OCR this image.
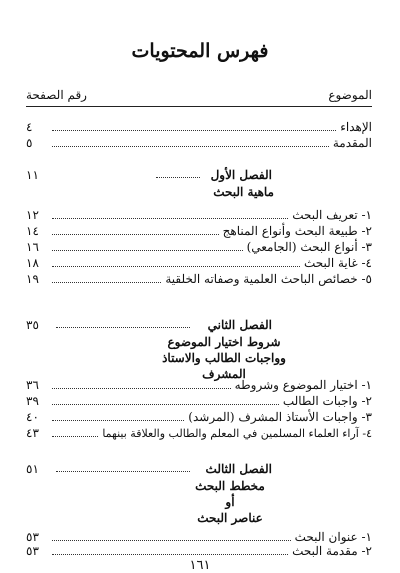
فهرس المحتويات
الموضوع
رقم الصفحة
الإهداء
٤
المقدمة
٥
الفصل الأول
١١
ماهية البحث
١- تعريف البحث
١٢
٢- طبيعة البحث وأنواع المناهج
١٤
٣- أنواع البحث (الجامعي)
١٦
٤- غاية البحث
١٨
٥- خصائص الباحث العلمية وصفاته الخلقية
١٩
الفصل الثاني
٣٥
شروط اختيار الموضوع
وواجبات الطالب والاستاذ المشرف
١- اختيار الموضوع وشروطه
٣٦
٢- واجبات الطالب
٣٩
٣- واجبات الأستاذ المشرف (المرشد)
٤٠
٤- آراء العلماء المسلمين في المعلم والطالب والعلاقة بينهما
٤٣
الفصل الثالث
٥١
مخطط البحث
أو
عناصر البحث
١- عنوان البحث
٥٣
٢- مقدمة البحث
٥٣
١٦١
